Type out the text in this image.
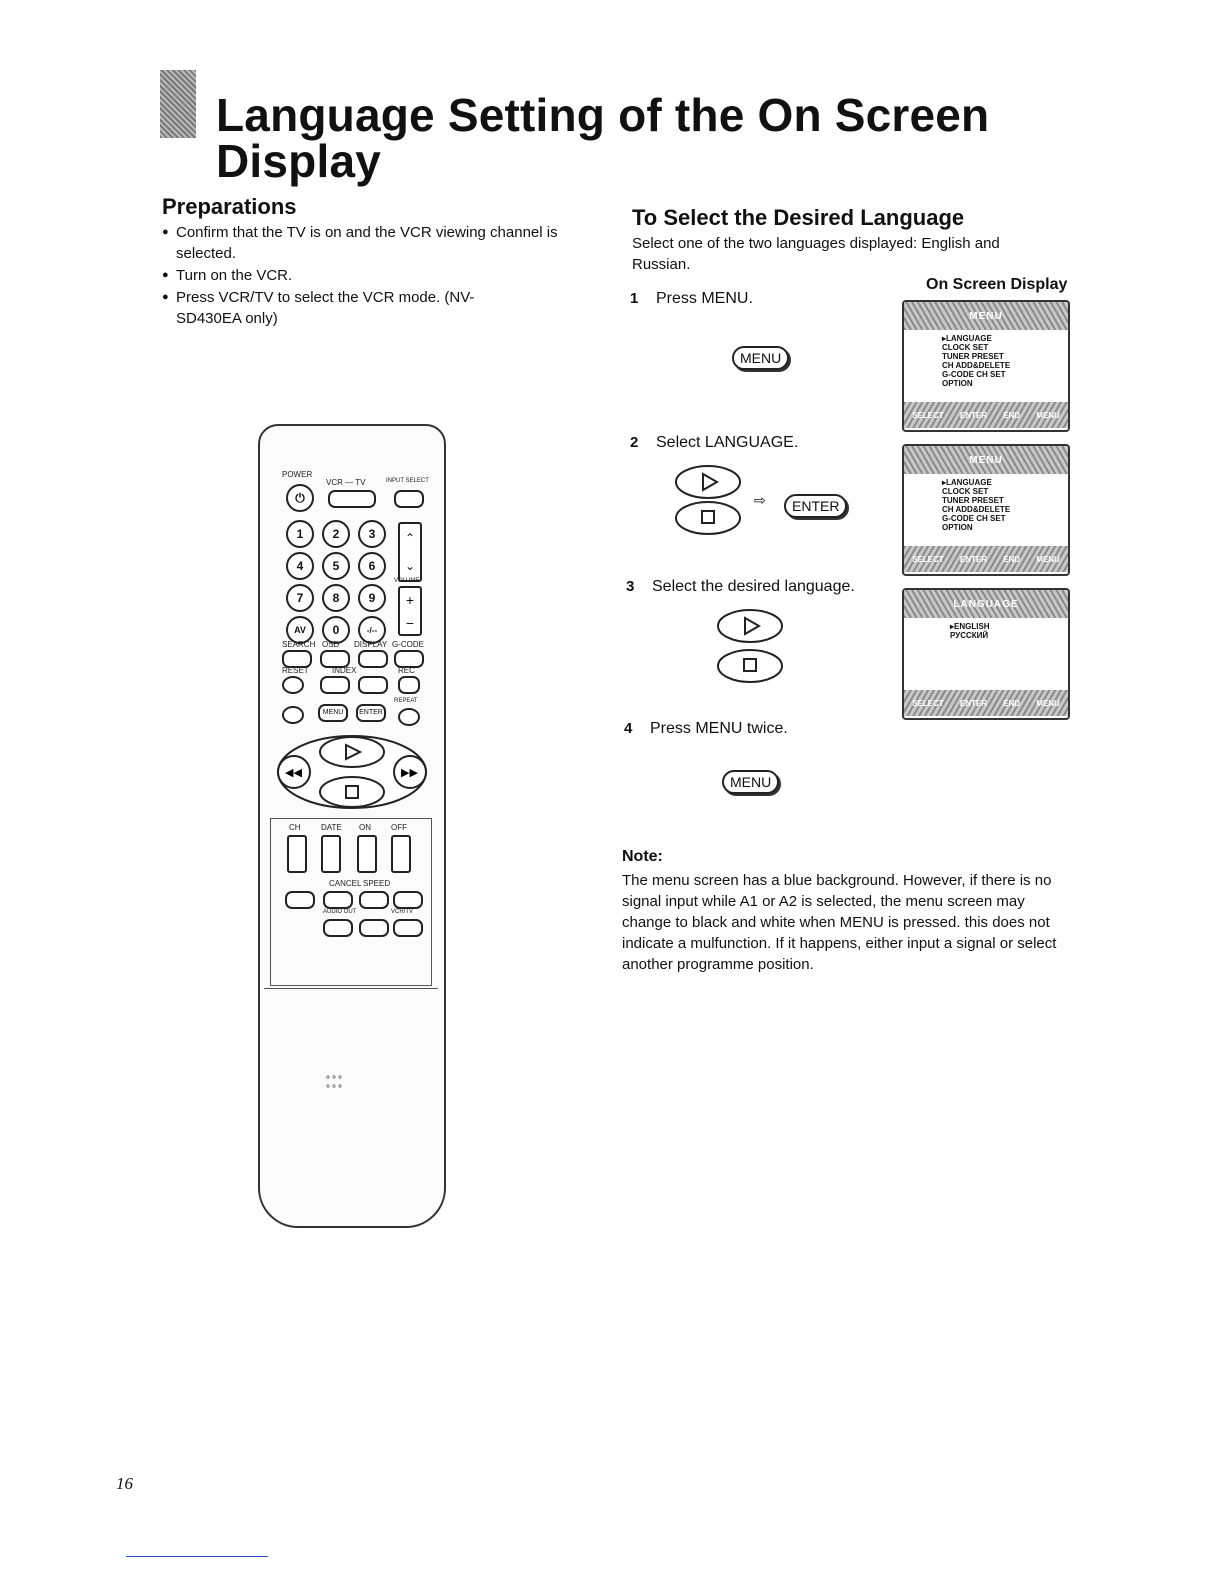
Language Setting of the On Screen
Display
Preparations
● Confirm that the TV is on and the VCR viewing channel is selected.
● Turn on the VCR.
● Press VCR/TV to select the VCR mode. (NV-SD430EA only)
To Select the Desired Language
Select one of the two languages displayed: English and Russian.
On Screen Display
1 Press MENU.
MENU
2 Select LANGUAGE.
⇨	ENTER
3 Select the desired language.
4 Press MENU twice.
MENU
MENU
▸LANGUAGE
CLOCK SET
TUNER PRESET
CH ADD&DELETE
G-CODE CH SET
OPTION
SELECT ENTER END MENU
MENU
▸LANGUAGE
CLOCK SET
TUNER PRESET
CH ADD&DELETE
G-CODE CH SET
OPTION
SELECT ENTER END MENU
LANGUAGE
▸ENGLISH
РУССКИЙ
SELECT ENTER END MENU
Note:
The menu screen has a blue background. However, if there is no signal input while A1 or A2 is selected, the menu screen may change to black and white when MENU is pressed. this does not indicate a mulfunction. If it happens, either input a signal or select another programme position.
POWER
VCR — TV	INPUT SELECT
⏻
1	2	3
4	5	6
7	8	9
AV	0	-/--
⌃
⌄
VOLUME
+
−
SEARCH OSD DISPLAY G-CODE
RESET	INDEX	REC
MENU	ENTER
REPEAT
◀◀	▶▶
CH	DATE ON	OFF
CANCEL SPEED
AUDIO OUT	VCR/TV
°°°
°°°
16
